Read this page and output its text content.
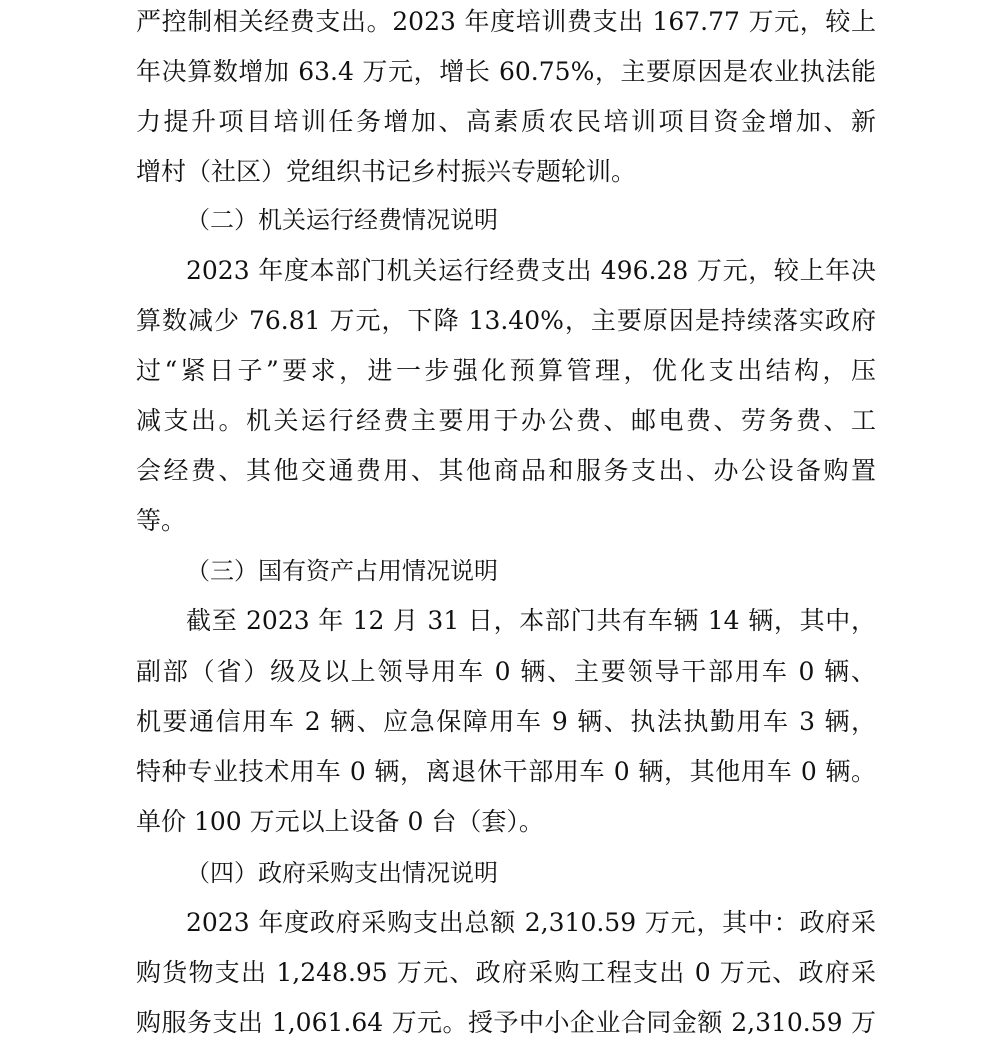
严控制相关经费支出。2023 年度培训费支出 167.77 万元，较上
年决算数增加 63.4 万元，增长 60.75%，主要原因是农业执法能
力提升项目培训任务增加、高素质农民培训项目资金增加、新
增村（社区）党组织书记乡村振兴专题轮训。
（二）机关运行经费情况说明
2023 年度本部门机关运行经费支出 496.28 万元，较上年决
算数减少 76.81 万元，下降 13.40%，主要原因是持续落实政府
过“紧日子”要求，进一步强化预算管理，优化支出结构，压
减支出。机关运行经费主要用于办公费、邮电费、劳务费、工
会经费、其他交通费用、其他商品和服务支出、办公设备购置
等。
（三）国有资产占用情况说明
截至 2023 年 12 月 31 日，本部门共有车辆 14 辆，其中，
副部（省）级及以上领导用车 0 辆、主要领导干部用车 0 辆、
机要通信用车 2 辆、应急保障用车 9 辆、执法执勤用车 3 辆，
特种专业技术用车 0 辆，离退休干部用车 0 辆，其他用车 0 辆。
单价 100 万元以上设备 0 台（套）。
（四）政府采购支出情况说明
2023 年度政府采购支出总额 2,310.59 万元，其中：政府采
购货物支出 1,248.95 万元、政府采购工程支出 0 万元、政府采
购服务支出 1,061.64 万元。授予中小企业合同金额 2,310.59 万
